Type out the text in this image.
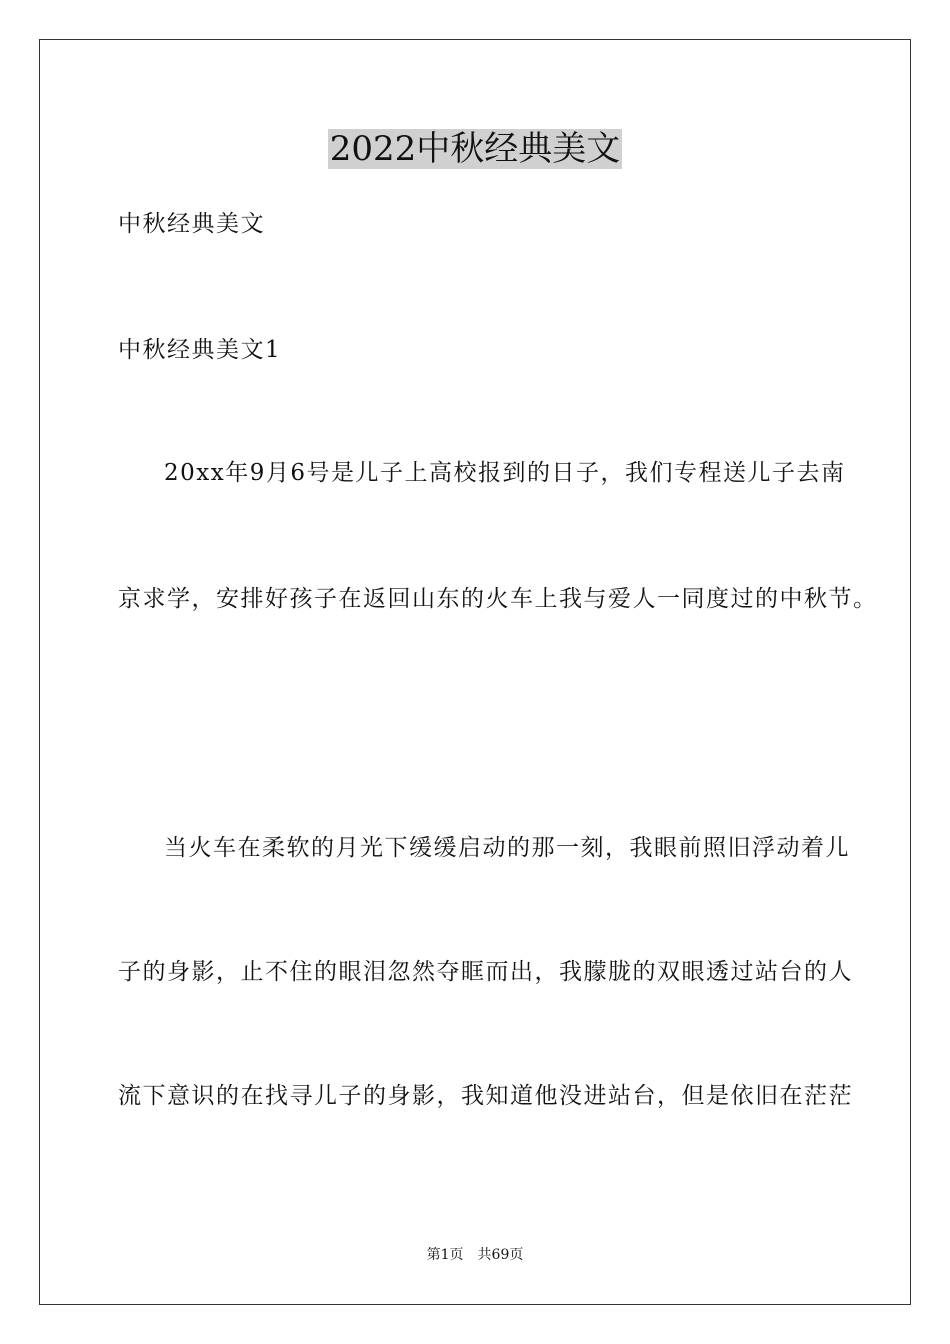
2022中秋经典美文
中秋经典美文
中秋经典美文1
20xx年9月6号是儿子上高校报到的日子，我们专程送儿子去南
京求学，安排好孩子在返回山东的火车上我与爱人一同度过的中秋节。
当火车在柔软的月光下缓缓启动的那一刻，我眼前照旧浮动着儿
子的身影，止不住的眼泪忽然夺眶而出，我朦胧的双眼透过站台的人
流下意识的在找寻儿子的身影，我知道他没进站台，但是依旧在茫茫
第1页　共69页
